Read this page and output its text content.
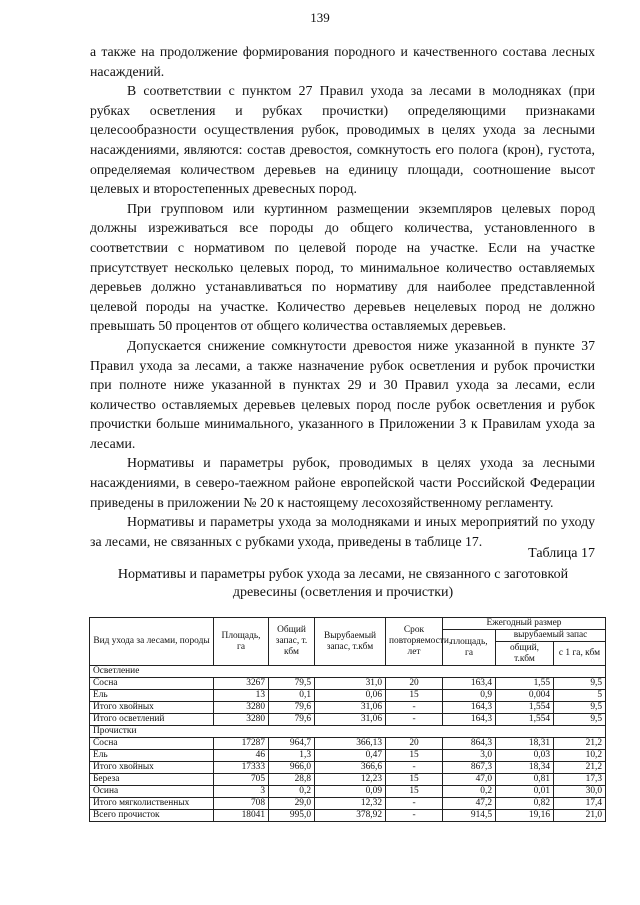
139

а также на продолжение формирования породного и качественного состава лесных насаждений.

В соответствии с пунктом 27 Правил ухода за лесами в молодняках (при рубках осветления и рубках прочистки) определяющими признаками целесообразности осуществления рубок, проводимых в целях ухода за лесными насаждениями, являются: состав древостоя, сомкнутость его полога (крон), густота, определяемая количеством деревьев на единицу площади, соотношение высот целевых и второстепенных древесных пород.

При групповом или куртинном размещении экземпляров целевых пород должны изреживаться все породы до общего количества, установленного в соответствии с нормативом по целевой породе на участке. Если на участке присутствует несколько целевых пород, то минимальное количество оставляемых деревьев должно устанавливаться по нормативу для наиболее представленной целевой породы на участке. Количество деревьев нецелевых пород не должно превышать 50 процентов от общего количества оставляемых деревьев.

Допускается снижение сомкнутости древостоя ниже указанной в пункте 37 Правил ухода за лесами, а также назначение рубок осветления и рубок прочистки при полноте ниже указанной в пунктах 29 и 30 Правил ухода за лесами, если количество оставляемых деревьев целевых пород после рубок осветления и рубок прочистки больше минимального, указанного в Приложении 3 к Правилам ухода за лесами.

Нормативы и параметры рубок, проводимых в целях ухода за лесными насаждениями, в северо-таежном районе европейской части Российской Федерации приведены в приложении № 20 к настоящему лесохозяйственному регламенту.

Нормативы и параметры ухода за молодняками и иных мероприятий по уходу за лесами, не связанных с рубками ухода, приведены в таблице 17.

Таблица 17
Нормативы и параметры рубок ухода за лесами, не связанного с заготовкой древесины (осветления и прочистки)
Вид ухода за лесами, породы	Площадь, га	Общий запас, т. кбм	Вырубаемый запас, т.кбм	Срок повторяемости, лет	Ежегодный размер		
					площадь, га	вырубаемый запас	
						общий, т.кбм	с 1 га, кбм
Осветление							
Сосна	3267	79,5	31,0	20	163,4	1,55	9,5
Ель	13	0,1	0,06	15	0,9	0,004	5
Итого хвойных	3280	79,6	31,06	-	164,3	1,554	9,5
Итого осветлений	3280	79,6	31,06	-	164,3	1,554	9,5
Прочистки							
Сосна	17287	964,7	366,13	20	864,3	18,31	21,2
Ель	46	1,3	0,47	15	3,0	0,03	10,2
Итого хвойных	17333	966,0	366,6	-	867,3	18,34	21,2
Береза	705	28,8	12,23	15	47,0	0,81	17,3
Осина	3	0,2	0,09	15	0,2	0,01	30,0
Итого мягколиственных	708	29,0	12,32	-	47,2	0,82	17,4
Всего прочисток	18041	995,0	378,92	-	914,5	19,16	21,0
